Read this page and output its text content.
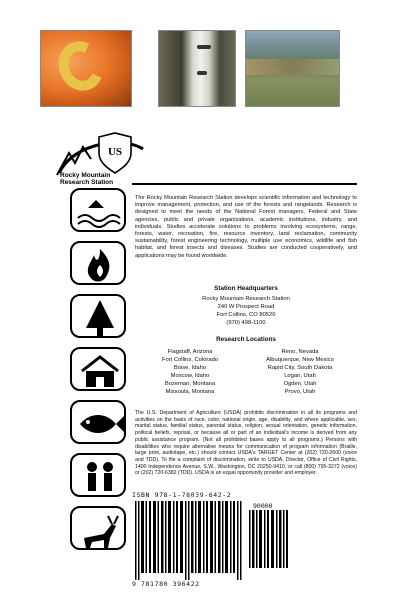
US
Rocky Mountain Research Station
The Rocky Mountain Research Station develops scientific information and technology to improve management, protection, and use of the forests and rangelands. Research is designed to meet the needs of the National Forest managers, Federal and State agencies, public and private organizations, academic institutions, industry, and individuals. Studies accelerate solutions to problems involving ecosystems, range, forests, water, recreation, fire, resource inventory, land reclamation, community sustainability, forest engineering technology, multiple use economics, wildlife and fish habitat, and forest insects and diseases. Studies are conducted cooperatively, and applications may be found worldwide.
Station Headquarters
Rocky Mountain Research Station
240 W Prospect Road
Fort Collins, CO 80526
(970) 498-1100
Research Locations
Flagstaff, Arizona
Fort Collins, Colorado
Boise, Idaho
Moscow, Idaho
Bozeman, Montana
Missoula, Montana
Reno, Nevada
Albuquerque, New Mexico
Rapid City, South Dakota
Logan, Utah
Ogden, Utah
Provo, Utah
The U.S. Department of Agriculture (USDA) prohibits discrimination in all its programs and activities on the basis of race, color, national origin, age, disability, and where applicable, sex, marital status, familial status, parental status, religion, sexual orientation, genetic information, political beliefs, reprisal, or because all or part of an individual's income is derived from any public assistance program. (Not all prohibited bases apply to all programs.) Persons with disabilities who require alternative means for communication of program information (Braille, large print, audiotape, etc.) should contact USDA's TARGET Center at (202) 720-2600 (voice and TDD). To file a complaint of discrimination, write to USDA, Director, Office of Civil Rights, 1400 Independence Avenue, S.W., Washington, DC 20250-9410, or call (800) 795-3272 (voice) or (202) 720-6382 (TDD). USDA is an equal opportunity provider and employer.
ISBN 978-1-78039-642-2
90000
9 781780 396422
